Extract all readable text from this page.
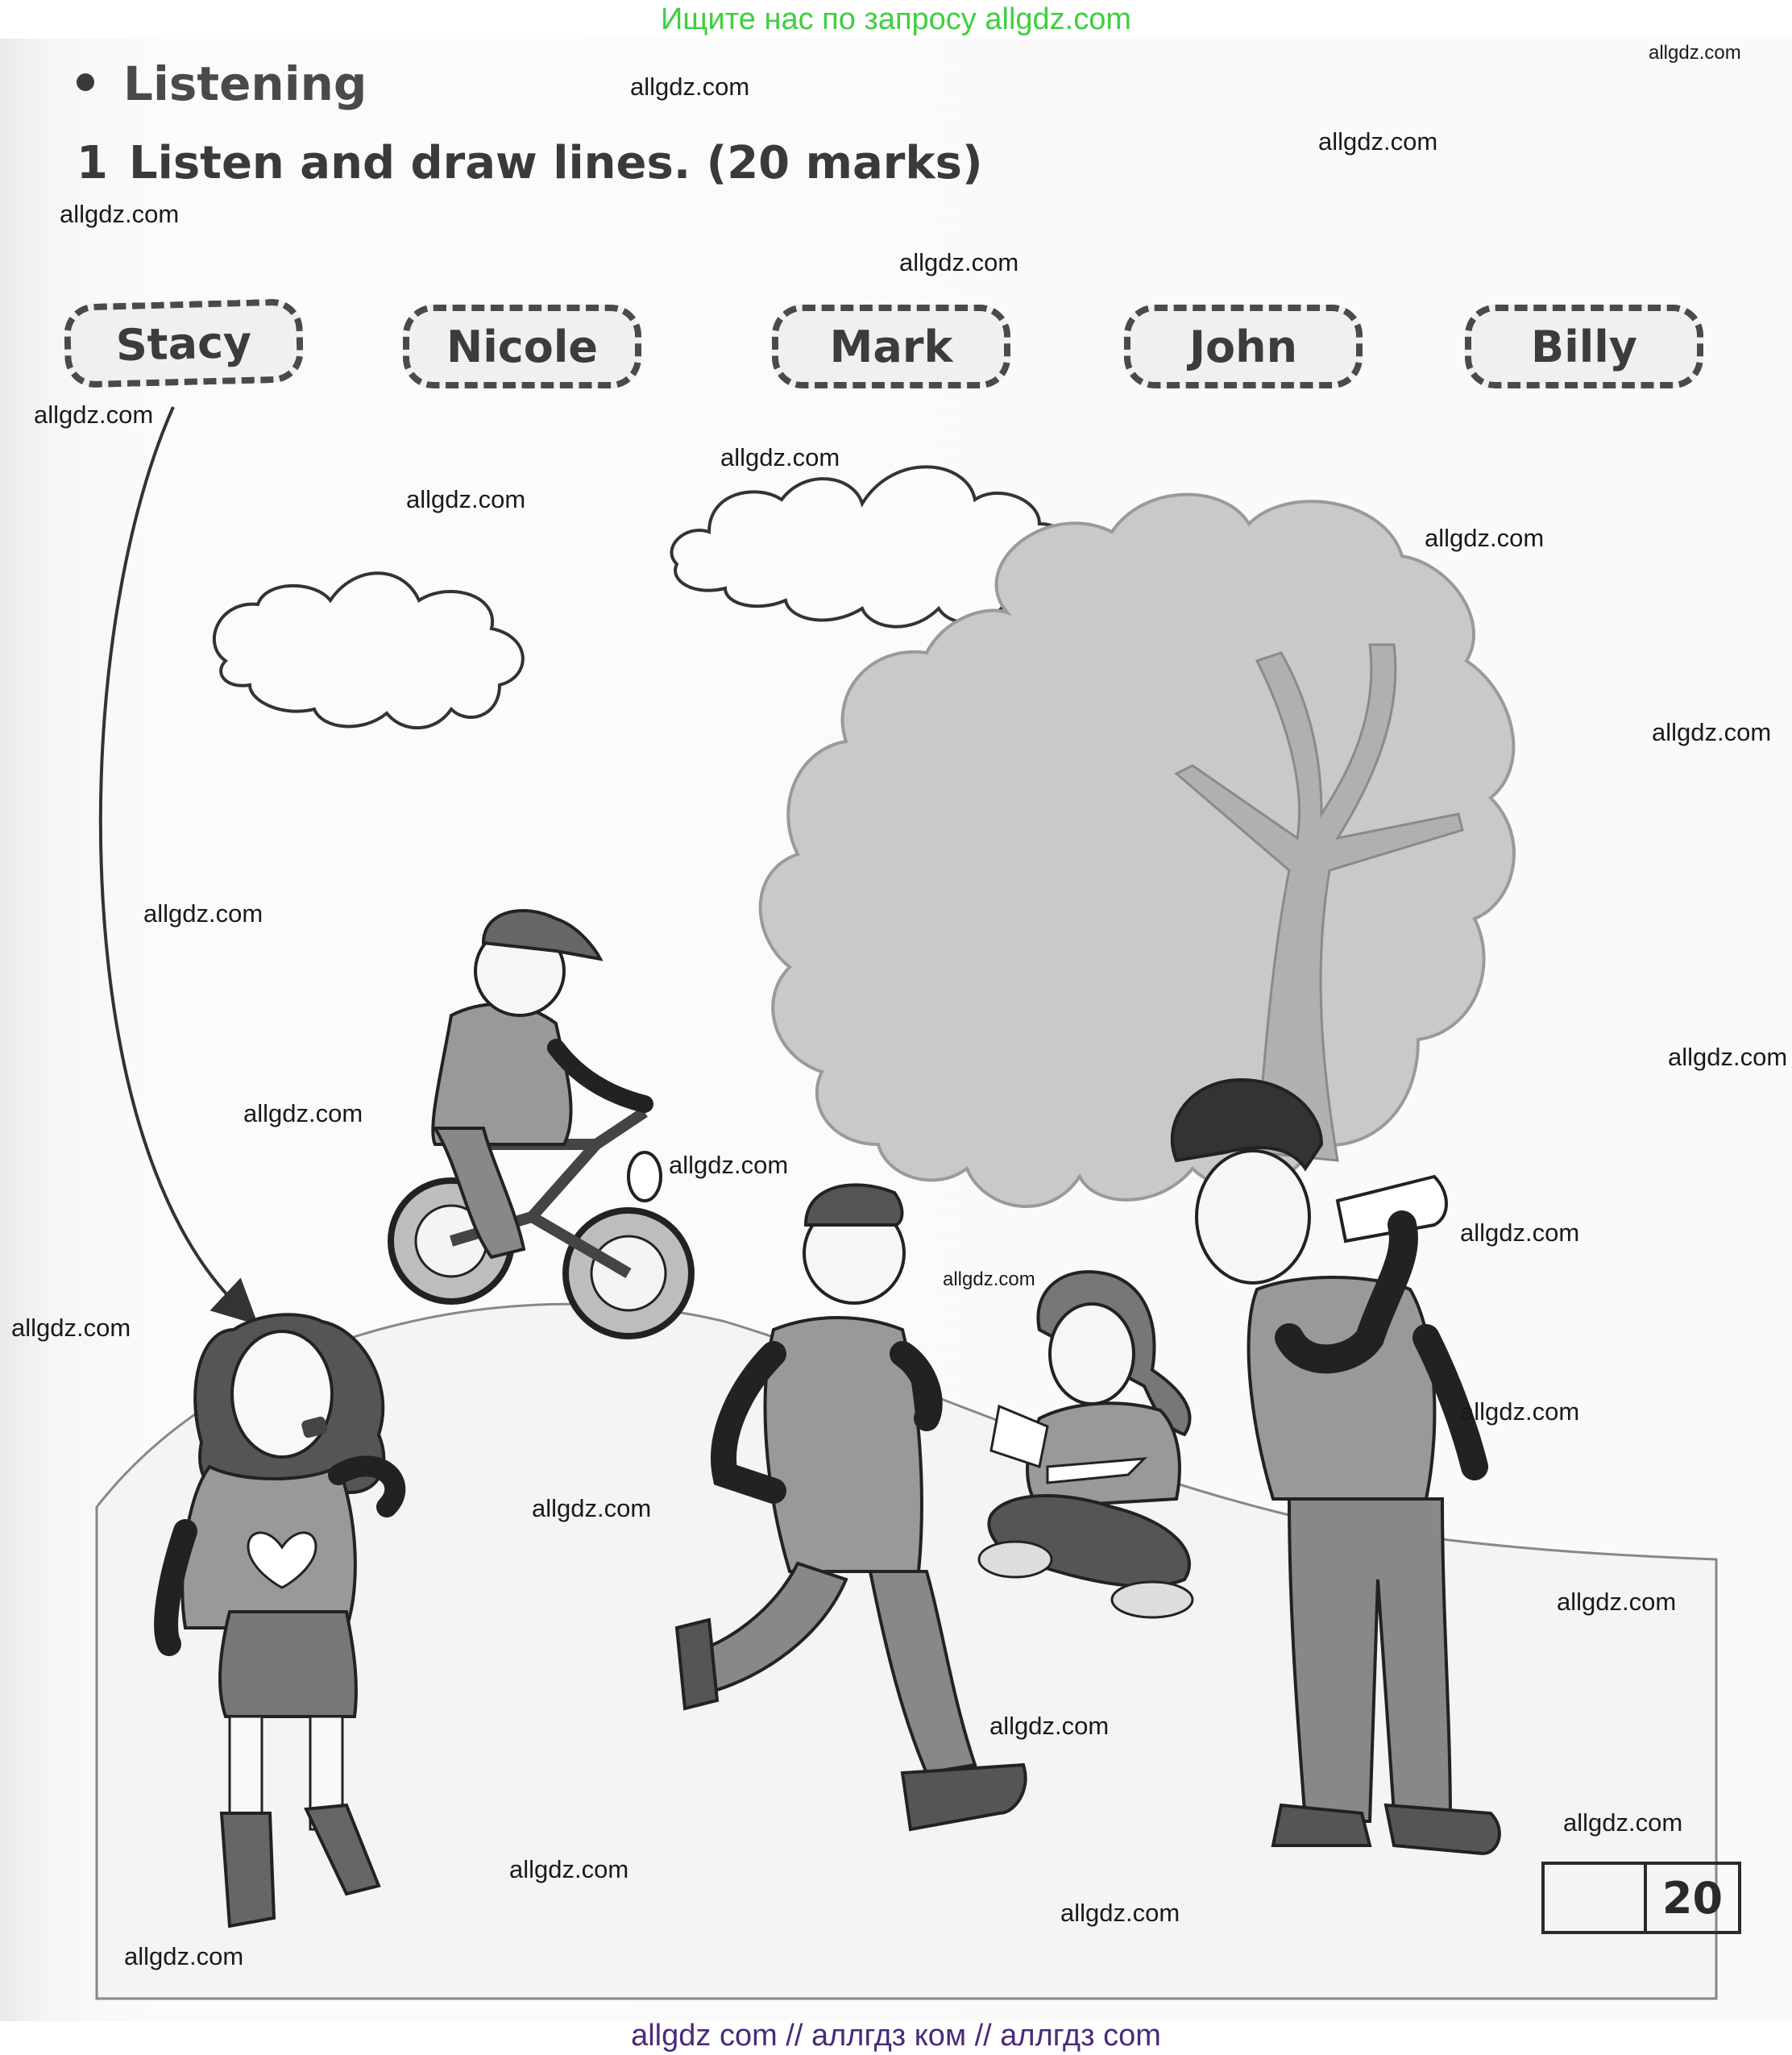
Ищите нас по запросу allgdz.com
Listening
1 Listen and draw lines. (20 marks)
Stacy	Nicole	Mark	John	Billy
20
allgdz.com
allgdz.com
allgdz.com
allgdz.com
allgdz.com
allgdz.com
allgdz.com
allgdz.com
allgdz.com
allgdz.com
allgdz.com
allgdz.com
allgdz.com
allgdz.com
allgdz.com
allgdz.com
allgdz.com
allgdz.com
allgdz.com
allgdz.com
allgdz.com
allgdz.com
allgdz.com
allgdz.com
allgdz.com
allgdz com // аллгдз ком // аллгдз com
